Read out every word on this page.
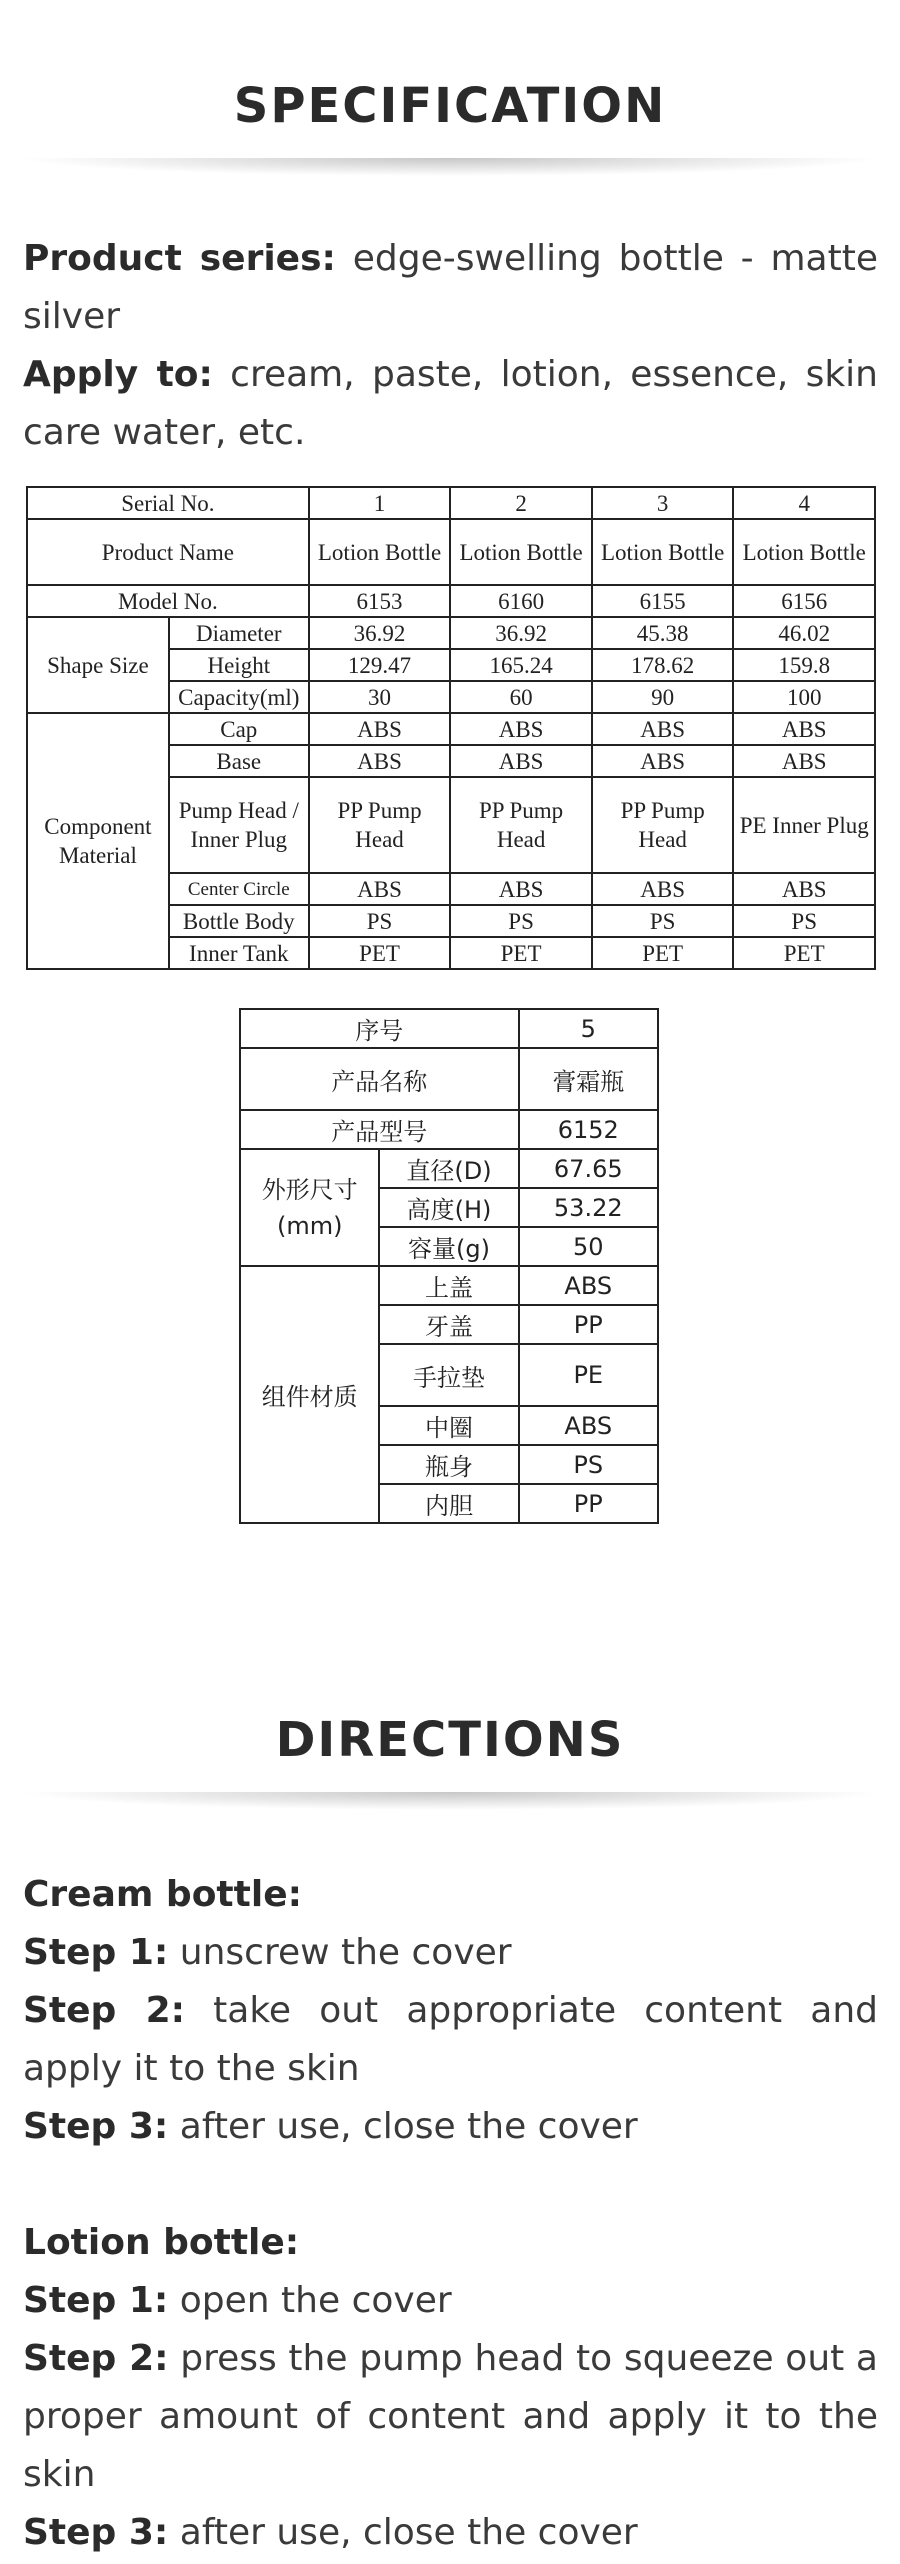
SPECIFICATION
Product series: edge-swelling bottle - matte silver
Apply to: cream, paste, lotion, essence, skin care water, etc.
Serial No.		1	2	3	4
Product Name		Lotion Bottle	Lotion Bottle	Lotion Bottle	Lotion Bottle
Model No.		6153	6160	6155	6156
Shape Size	Diameter	36.92	36.92	45.38	46.02
	Height	129.47	165.24	178.62	159.8
	Capacity(ml)	30	60	90	100
Component Material	Cap	ABS	ABS	ABS	ABS
	Base	ABS	ABS	ABS	ABS
	Pump Head / Inner Plug	PP Pump Head	PP Pump Head	PP Pump Head	PE Inner Plug
	Center Circle	ABS	ABS	ABS	ABS
	Bottle Body	PS	PS	PS	PS
	Inner Tank	PET	PET	PET	PET
序号		5
产品名称		膏霜瓶
产品型号		6152
外形尺寸 (mm)	直径(D)	67.65
	高度(H)	53.22
	容量(g)	50
组件材质	上盖	ABS
	牙盖	PP
	手拉垫	PE
	中圈	ABS
	瓶身	PS
	内胆	PP
DIRECTIONS
Cream bottle:
Step 1: unscrew the cover
Step 2: take out appropriate content and apply it to the skin
Step 3: after use, close the cover
Lotion bottle:
Step 1: open the cover
Step 2: press the pump head to squeeze out a proper amount of content and apply it to the skin
Step 3: after use, close the cover
